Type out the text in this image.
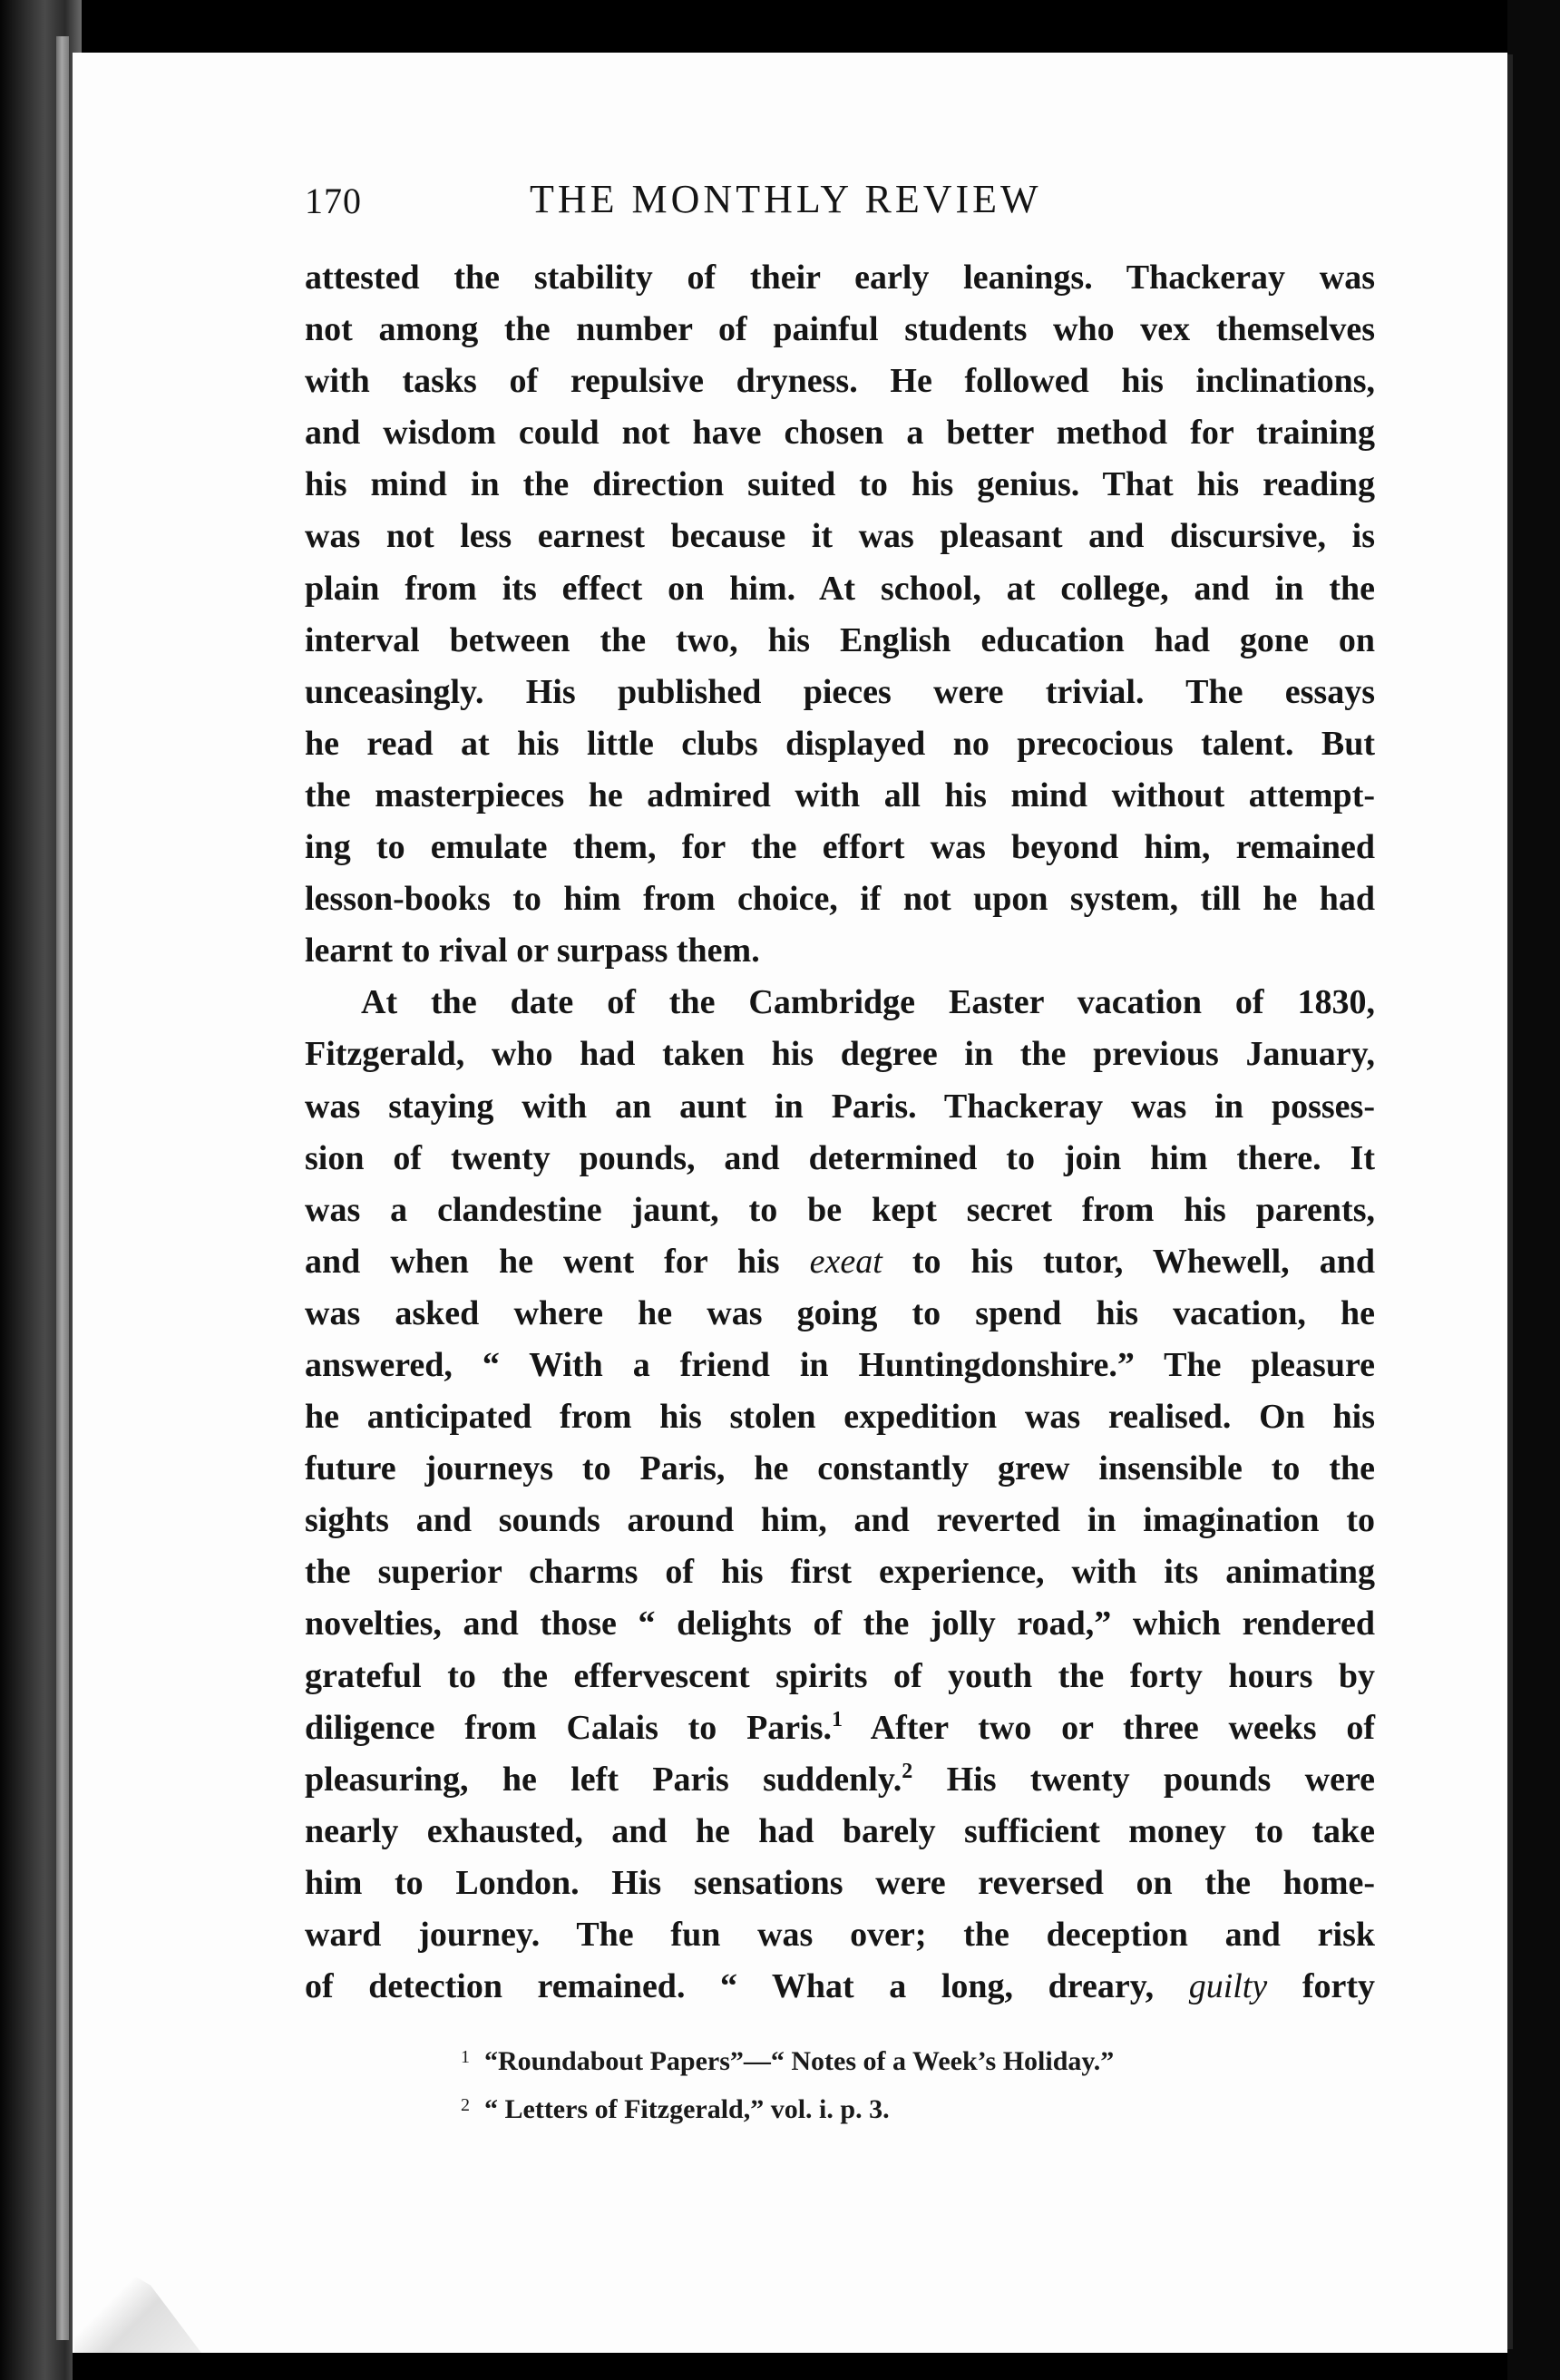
170	THE MONTHLY REVIEW
attested the stability of their early leanings. Thackeray was
not among the number of painful students who vex themselves
with tasks of repulsive dryness. He followed his inclinations,
and wisdom could not have chosen a better method for training
his mind in the direction suited to his genius. That his reading
was not less earnest because it was pleasant and discursive, is
plain from its effect on him. At school, at college, and in the
interval between the two, his English education had gone on
unceasingly. His published pieces were trivial. The essays
he read at his little clubs displayed no precocious talent. But
the masterpieces he admired with all his mind without attempt-
ing to emulate them, for the effort was beyond him, remained
lesson-books to him from choice, if not upon system, till he had
learnt to rival or surpass them.
At the date of the Cambridge Easter vacation of 1830,
Fitzgerald, who had taken his degree in the previous January,
was staying with an aunt in Paris. Thackeray was in posses-
sion of twenty pounds, and determined to join him there. It
was a clandestine jaunt, to be kept secret from his parents,
and when he went for his exeat to his tutor, Whewell, and
was asked where he was going to spend his vacation, he
answered, “ With a friend in Huntingdonshire.” The pleasure
he anticipated from his stolen expedition was realised. On his
future journeys to Paris, he constantly grew insensible to the
sights and sounds around him, and reverted in imagination to
the superior charms of his first experience, with its animating
novelties, and those “ delights of the jolly road,” which rendered
grateful to the effervescent spirits of youth the forty hours by
diligence from Calais to Paris.$^1$ After two or three weeks of
pleasuring, he left Paris suddenly.$^2$ His twenty pounds were
nearly exhausted, and he had barely sufficient money to take
him to London. His sensations were reversed on the home-
ward journey. The fun was over; the deception and risk
of detection remained. “ What a long, dreary, guilty forty
$^1$ “Roundabout Papers”—“ Notes of a Week’s Holiday.”
$^2$ “ Letters of Fitzgerald,” vol. i. p. 3.
